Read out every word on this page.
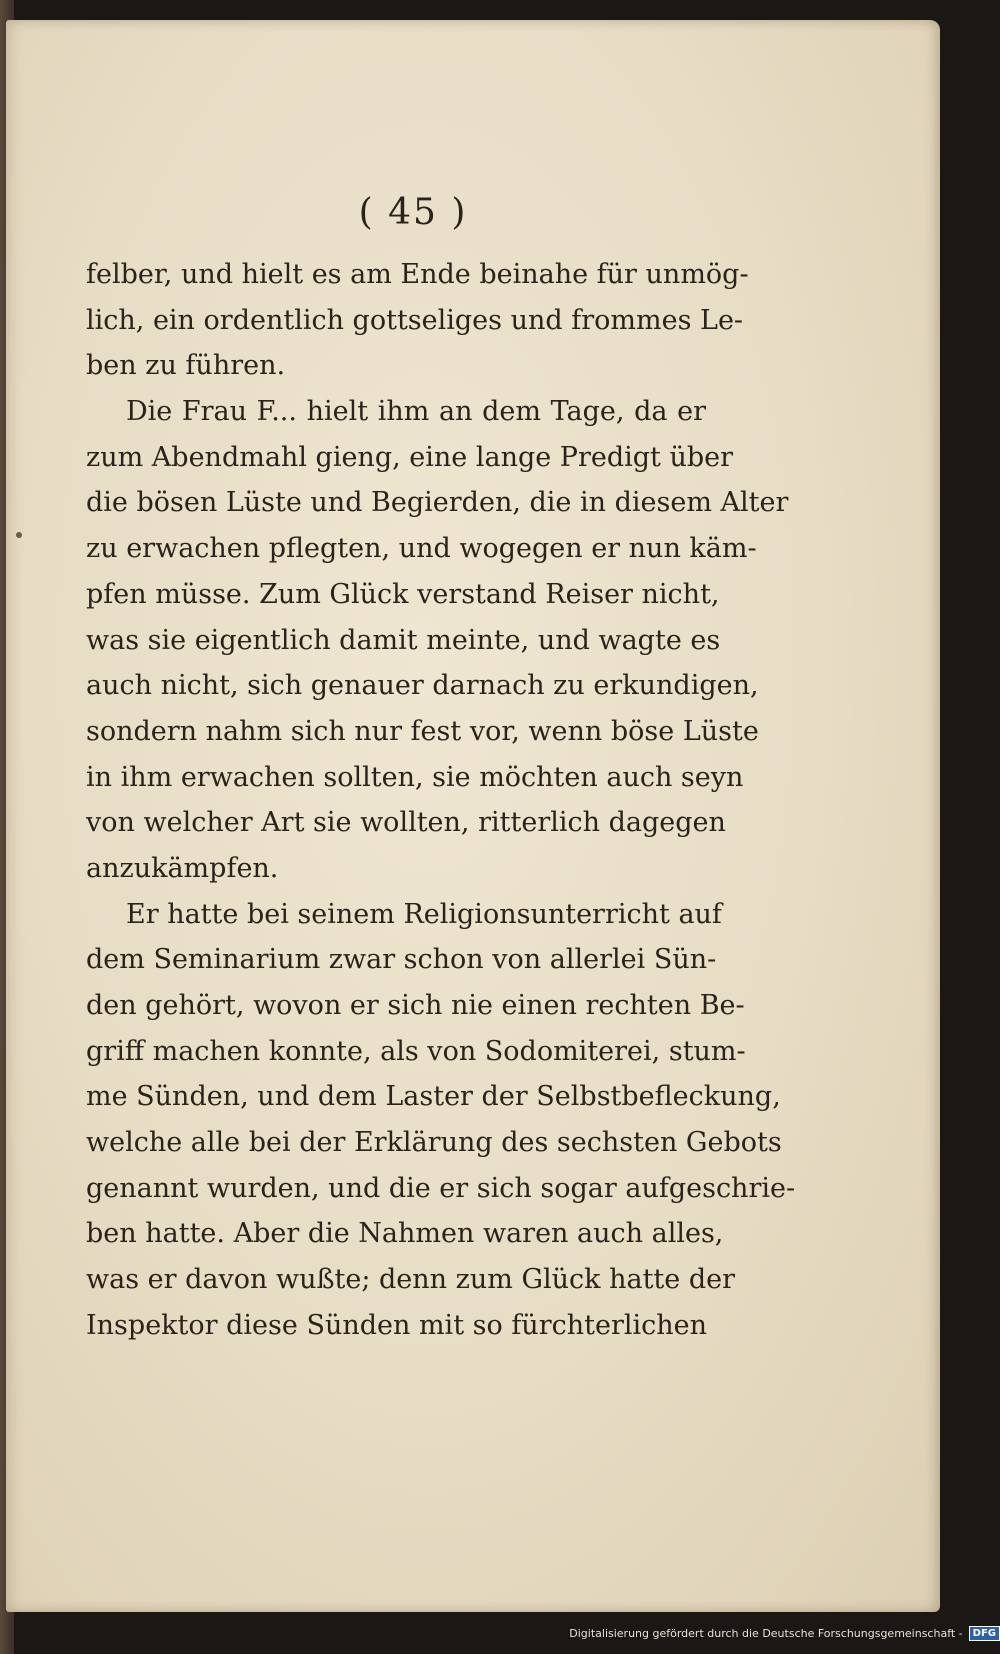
( 45 )
felber, und hielt es am Ende beinahe für unmög-
lich, ein ordentlich gottseliges und frommes Le-
ben zu führen.
Die Frau F... hielt ihm an dem Tage, da er
zum Abendmahl gieng, eine lange Predigt über
die bösen Lüste und Begierden, die in diesem Alter
zu erwachen pflegten, und wogegen er nun käm-
pfen müsse. Zum Glück verstand Reiser nicht,
was sie eigentlich damit meinte, und wagte es
auch nicht, sich genauer darnach zu erkundigen,
sondern nahm sich nur fest vor, wenn böse Lüste
in ihm erwachen sollten, sie möchten auch seyn
von welcher Art sie wollten, ritterlich dagegen
anzukämpfen.
Er hatte bei seinem Religionsunterricht auf
dem Seminarium zwar schon von allerlei Sün-
den gehört, wovon er sich nie einen rechten Be-
griff machen konnte, als von Sodomiterei, stum-
me Sünden, und dem Laster der Selbstbefleckung,
welche alle bei der Erklärung des sechsten Gebots
genannt wurden, und die er sich sogar aufgeschrie-
ben hatte. Aber die Nahmen waren auch alles,
was er davon wußte; denn zum Glück hatte der
Inspektor diese Sünden mit so fürchterlichen
Digitalisierung gefördert durch die Deutsche Forschungsgemeinschaft -	DFG
